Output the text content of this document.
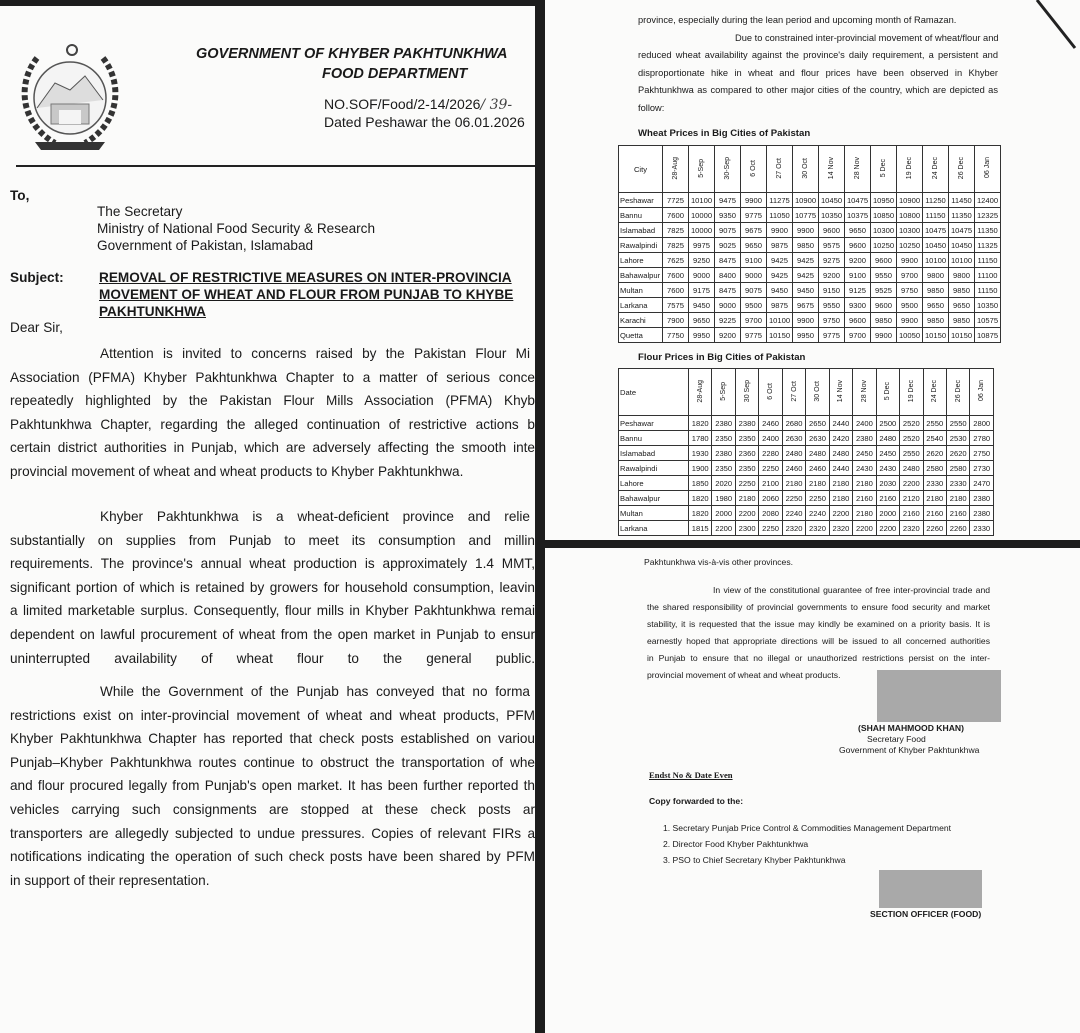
GOVERNMENT OF KHYBER PAKHTUNKHWA
FOOD DEPARTMENT
NO.SOF/Food/2-14/2026/ 39-
Dated Peshawar the 06.01.2026
To,
Subject:
Dear Sir,
The Secretary
Ministry of National Food Security & Research
Government of Pakistan, Islamabad
REMOVAL OF RESTRICTIVE MEASURES ON INTER-PROVINCIA
MOVEMENT OF WHEAT AND FLOUR FROM PUNJAB TO KHYBE
PAKHTUNKHWA
Attention is invited to concerns raised by the Pakistan Flour Mi
Association (PFMA) Khyber Pakhtunkhwa Chapter to a matter of serious conce
repeatedly highlighted by the Pakistan Flour Mills Association (PFMA) Khyb
Pakhtunkhwa Chapter, regarding the alleged continuation of restrictive actions b
certain district authorities in Punjab, which are adversely affecting the smooth inte
provincial movement of wheat and wheat products to Khyber Pakhtunkhwa.
Khyber Pakhtunkhwa is a wheat-deficient province and relie
substantially on supplies from Punjab to meet its consumption and millin
requirements. The province's annual wheat production is approximately 1.4 MMT,
significant portion of which is retained by growers for household consumption, leavin
a limited marketable surplus. Consequently, flour mills in Khyber Pakhtunkhwa remai
dependent on lawful procurement of wheat from the open market in Punjab to ensur
uninterrupted availability of wheat flour to the general public.
While the Government of the Punjab has conveyed that no forma
restrictions exist on inter-provincial movement of wheat and wheat products, PFM
Khyber Pakhtunkhwa Chapter has reported that check posts established on variou
Punjab–Khyber Pakhtunkhwa routes continue to obstruct the transportation of whe
and flour procured legally from Punjab's open market. It has been further reported th
vehicles carrying such consignments are stopped at these check posts ar
transporters are allegedly subjected to undue pressures. Copies of relevant FIRs a
notifications indicating the operation of such check posts have been shared by PFM
in support of their representation.

Wheat Prices in Big Cities of Pakistan
City	28-Aug	5-Sep	30-Sep	6 Oct	27 Oct	30 Oct	14 Nov	28 Nov	5 Dec	19 Dec	24 Dec	26 Dec	06 Jan
Peshawar	7725	10100	9475	9900	11275	10900	10450	10475	10950	10900	11250	11450	12400
Bannu	7600	10000	9350	9775	11050	10775	10350	10375	10850	10800	11150	11350	12325
Islamabad	7825	10000	9075	9675	9900	9900	9600	9650	10300	10300	10475	10475	11350
Rawalpindi	7825	9975	9025	9650	9875	9850	9575	9600	10250	10250	10450	10450	11325
Lahore	7625	9250	8475	9100	9425	9425	9275	9200	9600	9900	10100	10100	11150
Bahawalpur	7600	9000	8400	9000	9425	9425	9200	9100	9550	9700	9800	9800	11100
Multan	7600	9175	8475	9075	9450	9450	9150	9125	9525	9750	9850	9850	11150
Larkana	7575	9450	9000	9500	9875	9675	9550	9300	9600	9500	9650	9650	10350
Karachi	7900	9650	9225	9700	10100	9900	9750	9600	9850	9900	9850	9850	10575
Quetta	7750	9950	9200	9775	10150	9950	9775	9700	9900	10050	10150	10150	10875
Flour Prices in Big Cities of Pakistan
Date	28-Aug	5-Sep	30 Sep	6 Oct	27 Oct	30 Oct	14 Nov	28 Nov	5 Dec	19 Dec	24 Dec	26 Dec	06 Jan
Peshawar	1820	2380	2380	2460	2680	2650	2440	2400	2500	2520	2550	2550	2800
Bannu	1780	2350	2350	2400	2630	2630	2420	2380	2480	2520	2540	2530	2780
Islamabad	1930	2380	2360	2280	2480	2480	2480	2450	2450	2550	2620	2620	2750
Rawalpindi	1900	2350	2350	2250	2460	2460	2440	2430	2430	2480	2580	2580	2730
Lahore	1850	2020	2250	2100	2180	2180	2180	2180	2030	2200	2330	2330	2470
Bahawalpur	1820	1980	2180	2060	2250	2250	2180	2160	2160	2120	2180	2180	2380
Multan	1820	2000	2200	2080	2240	2240	2200	2180	2000	2160	2160	2160	2380
Larkana	1815	2200	2300	2250	2320	2320	2320	2200	2200	2320	2260	2260	2330
province, especially during the lean period and upcoming month of Ramazan.
Due to constrained inter-provincial movement of wheat/flour and
reduced wheat availability against the province's daily requirement, a persistent and
disproportionate hike in wheat and flour prices have been observed in Khyber
Pakhtunkhwa as compared to other major cities of the country, which are depicted as
follow:
Pakhtunkhwa vis-à-vis other provinces.
(SHAH MAHMOOD KHAN)
Secretary Food
Government of Khyber Pakhtunkhwa
Endst No & Date Even
Copy forwarded to the:
SECTION OFFICER (FOOD)
In view of the constitutional guarantee of free inter-provincial trade and
the shared responsibility of provincial governments to ensure food security and market
stability, it is requested that the issue may kindly be examined on a priority basis. It is
earnestly hoped that appropriate directions will be issued to all concerned authorities
in Punjab to ensure that no illegal or unauthorized restrictions persist on the inter-
provincial movement of wheat and wheat products.
1. Secretary Punjab Price Control & Commodities Management Department
2. Director Food Khyber Pakhtunkhwa
3. PSO to Chief Secretary Khyber Pakhtunkhwa
